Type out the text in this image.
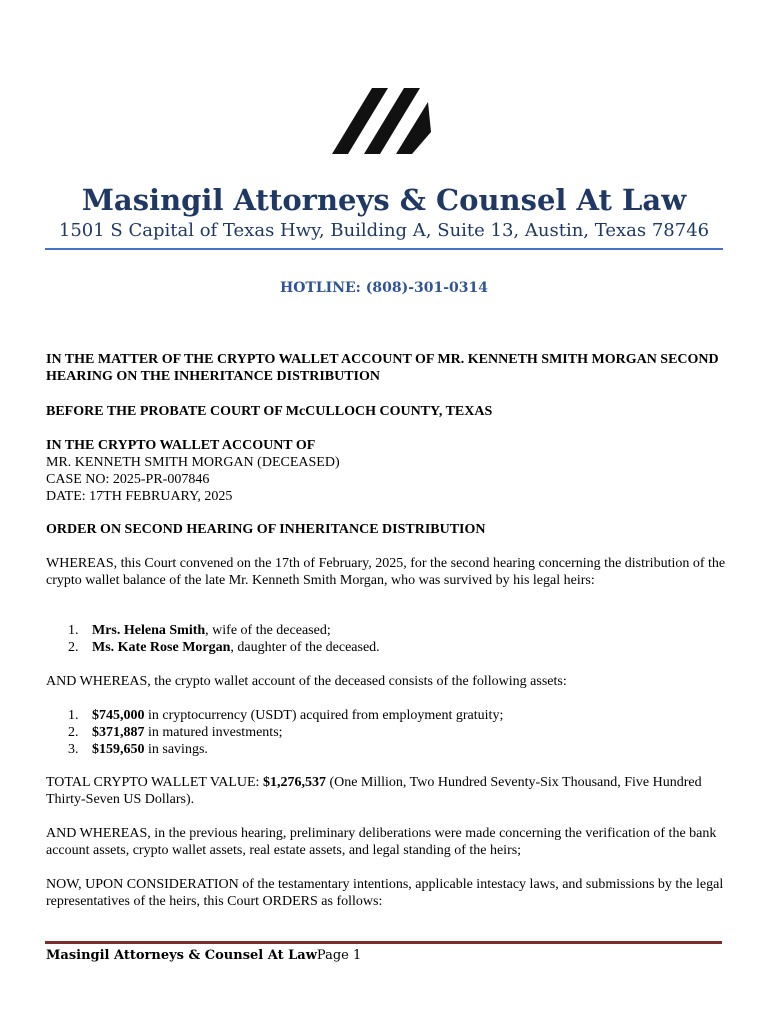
Masingil Attorneys & Counsel At Law
1501 S Capital of Texas Hwy, Building A, Suite 13, Austin, Texas 78746
HOTLINE: (808)-301-0314
IN THE MATTER OF THE CRYPTO WALLET ACCOUNT OF MR. KENNETH SMITH MORGAN SECOND HEARING ON THE INHERITANCE DISTRIBUTION
BEFORE THE PROBATE COURT OF McCULLOCH COUNTY, TEXAS

IN THE CRYPTO WALLET ACCOUNT OF

MR. KENNETH SMITH MORGAN (DECEASED)

CASE NO: 2025-PR-007846

DATE: 17TH FEBRUARY, 2025

ORDER ON SECOND HEARING OF INHERITANCE DISTRIBUTION
WHEREAS, this Court convened on the 17th of February, 2025, for the second hearing concerning the distribution of the crypto wallet balance of the late Mr. Kenneth Smith Morgan, who was survived by his legal heirs:
1. Mrs. Helena Smith, wife of the deceased;
2. Ms. Kate Rose Morgan, daughter of the deceased.
AND WHEREAS, the crypto wallet account of the deceased consists of the following assets:
1. $745,000 in cryptocurrency (USDT) acquired from employment gratuity;
2. $371,887 in matured investments;
3. $159,650 in savings.
TOTAL CRYPTO WALLET VALUE: $1,276,537 (One Million, Two Hundred Seventy-Six Thousand, Five Hundred Thirty-Seven US Dollars).
AND WHEREAS, in the previous hearing, preliminary deliberations were made concerning the verification of the bank account assets, crypto wallet assets, real estate assets, and legal standing of the heirs;
NOW, UPON CONSIDERATION of the testamentary intentions, applicable intestacy laws, and submissions by the legal representatives of the heirs, this Court ORDERS as follows:
Masingil Attorneys & Counsel At LawPage 1
